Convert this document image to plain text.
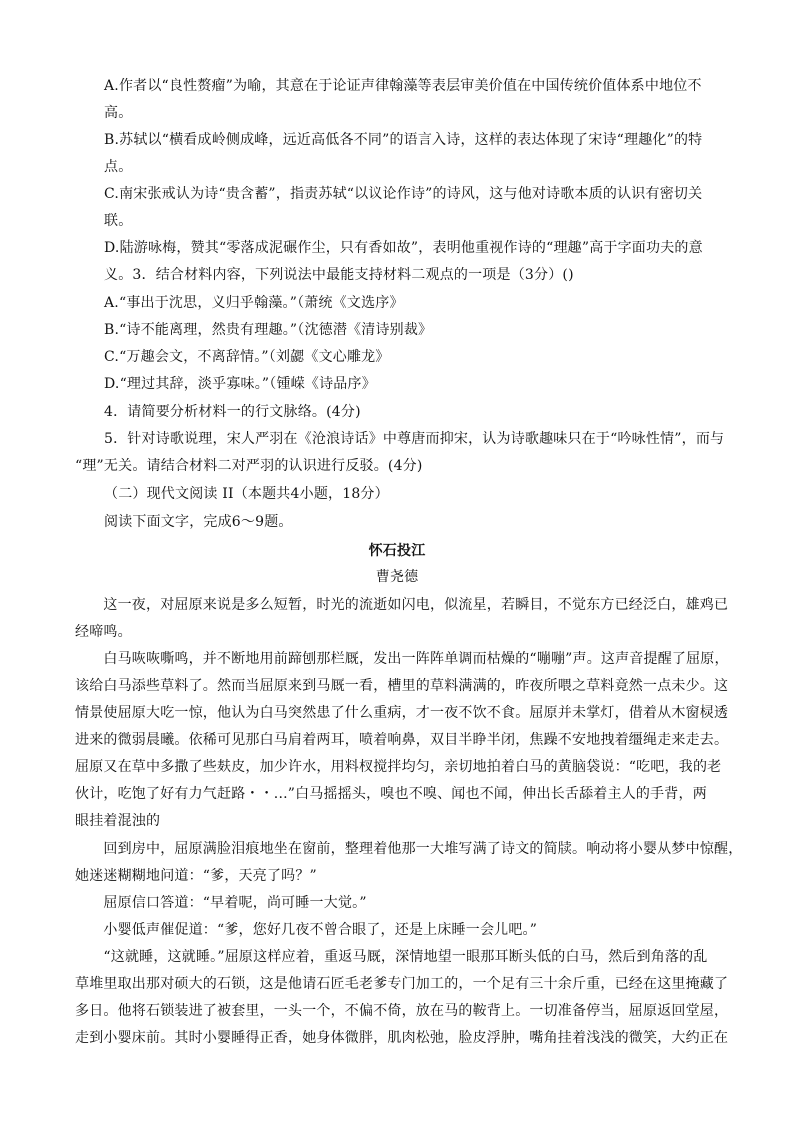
A.作者以“良性赘瘤”为喻，其意在于论证声律翰藻等表层审美价值在中国传统价值体系中地位不
高。
B.苏轼以“横看成岭侧成峰，远近高低各不同”的语言入诗，这样的表达体现了宋诗“理趣化”的特
点。
C.南宋张戒认为诗“贵含蓄”，指责苏轼“以议论作诗”的诗风，这与他对诗歌本质的认识有密切关
联。
D.陆游咏梅，赞其“零落成泥碾作尘，只有香如故”，表明他重视作诗的“理趣”高于字面功夫的意
义。3．结合材料内容，下列说法中最能支持材料二观点的一项是（3分）()
A.“事出于沈思，义归乎翰藻。”（萧统《文选序》
B.“诗不能离理，然贵有理趣。”（沈德潜《清诗别裁》
C.“万趣会文，不离辞情。”（刘勰《文心雕龙》
D.“理过其辞，淡乎寡味。”（锺嵘《诗品序》
4．请简要分析材料一的行文脉络。(4分)
5．针对诗歌说理，宋人严羽在《沧浪诗话》中尊唐而抑宋，认为诗歌趣味只在于“吟咏性情”，而与
“理”无关。请结合材料二对严羽的认识进行反驳。(4分)
（二）现代文阅读 II（本题共4小题，18分）
阅读下面文字，完成6～9题。
怀石投江
曹尧德
　　这一夜，对屈原来说是多么短暂，时光的流逝如闪电，似流星，若瞬目，不觉东方已经泛白，雄鸡已
经啼鸣。
　　白马咴咴嘶鸣，并不断地用前蹄刨那栏厩，发出一阵阵单调而枯燥的“嘣嘣”声。这声音提醒了屈原，
该给白马添些草料了。然而当屈原来到马厩一看，槽里的草料满满的，昨夜所喂之草料竟然一点未少。这
情景使屈原大吃一惊，他认为白马突然患了什么重病，才一夜不饮不食。屈原并未掌灯，借着从木窗棂透
进来的微弱晨曦。依稀可见那白马肩着两耳，喷着响鼻，双目半睁半闭，焦躁不安地拽着缰绳走来走去。
屈原又在草中多撒了些麸皮，加少许水，用料杈搅拌均匀，亲切地拍着白马的黄脑袋说：“吃吧，我的老
伙计，吃饱了好有力气赶路・・...”白马摇摇头，嗅也不嗅、闻也不闻，伸出长舌舔着主人的手背，两
眼挂着混浊的
　　回到房中，屈原满脸泪痕地坐在窗前，整理着他那一大堆写满了诗文的简牍。响动将小婴从梦中惊醒，
她迷迷糊糊地问道：“爹，天亮了吗？”
　　屈原信口答道：“早着呢，尚可睡一大觉。”
　　小婴低声催促道：“爹，您好几夜不曾合眼了，还是上床睡一会儿吧。”
　　“这就睡，这就睡。”屈原这样应着，重返马厩，深情地望一眼那耳断头低的白马，然后到角落的乱
草堆里取出那对硕大的石锁，这是他请石匠毛老爹专门加工的，一个足有三十余斤重，已经在这里掩藏了
多日。他将石锁装进了被套里，一头一个，不偏不倚，放在马的鞍背上。一切准备停当，屈原返回堂屋，
走到小婴床前。其时小婴睡得正香，她身体微胖，肌肉松弛，脸皮浮肿，嘴角挂着浅浅的微笑，大约正在
